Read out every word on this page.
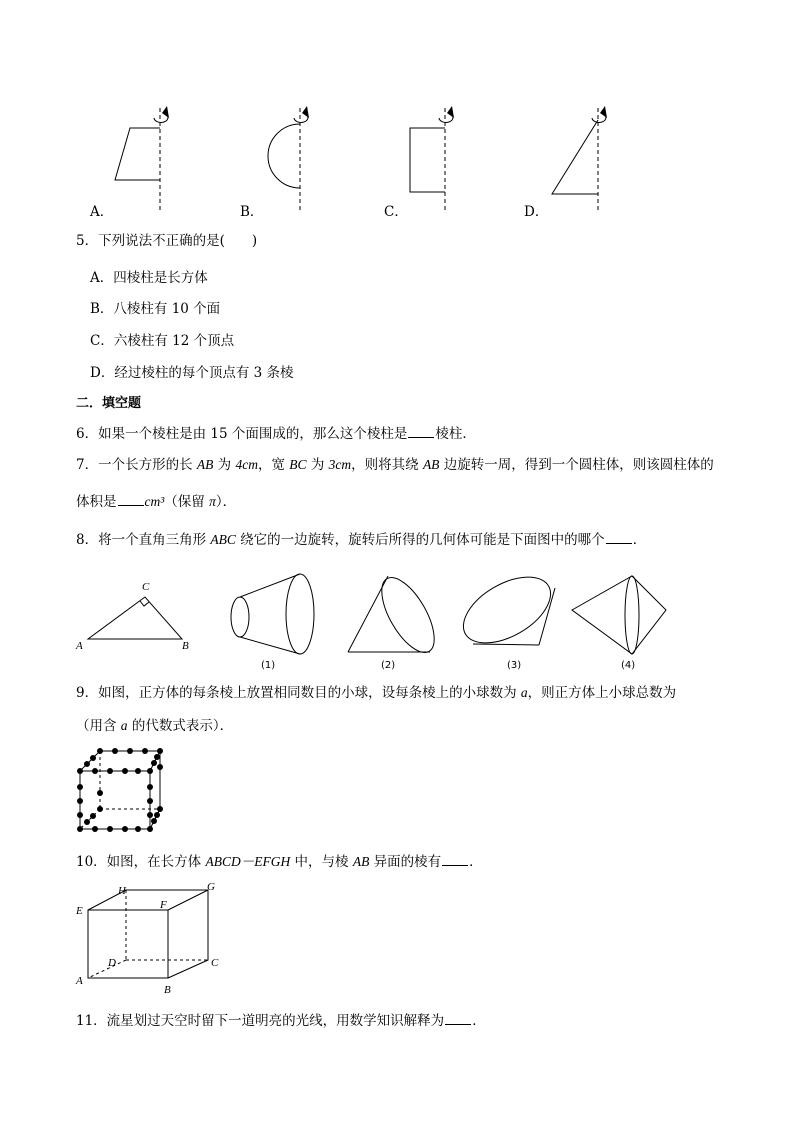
A．	B．	C．	D．
5．下列说法不正确的是(　　)
A．四棱柱是长方体
B．八棱柱有 10 个面
C．六棱柱有 12 个顶点
D．经过棱柱的每个顶点有 3 条棱
二．填空题
6．如果一个棱柱是由 15 个面围成的，那么这个棱柱是 棱柱．
7．一个长方形的长 AB 为 4cm，宽 BC 为 3cm，则将其绕 AB 边旋转一周，得到一个圆柱体，则该圆柱体的
体积是 cm³（保留 π）．
8．将一个直角三角形 ABC 绕它的一边旋转，旋转后所得的几何体可能是下面图中的哪个 ．
A	B
C
(1)	(2)	(3)	(4)
9．如图，正方体的每条棱上放置相同数目的小球，设每条棱上的小球数为 a，则正方体上小球总数为
（用含 a 的代数式表示）．
10．如图，在长方体 ABCD－EFGH 中，与棱 AB 异面的棱有 ．
A
B
C
D
E	F
G
H
11．流星划过天空时留下一道明亮的光线，用数学知识解释为 ．
